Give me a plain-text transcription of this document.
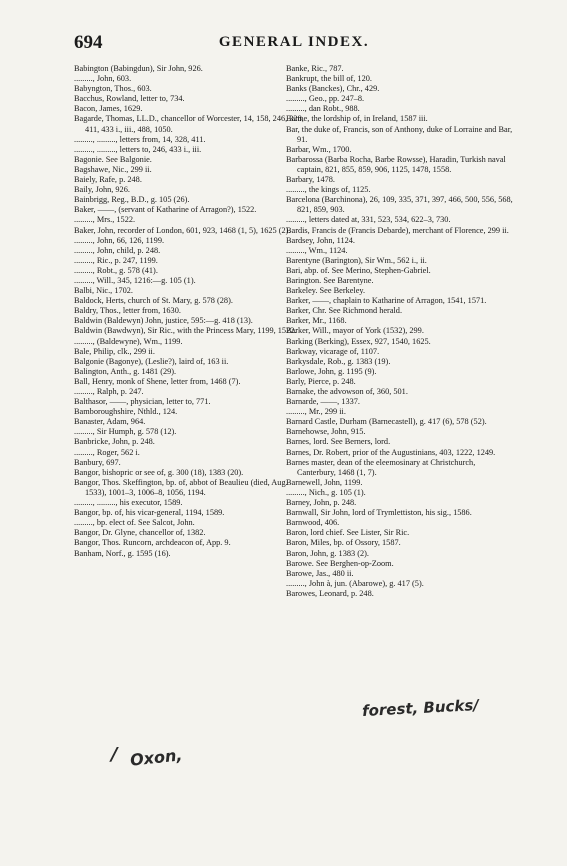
694	GENERAL INDEX.
Babington (Babingdun), Sir John, 926.
........., John, 603.
Babyngton, Thos., 603.
Bacchus, Rowland, letter to, 734.
Bacon, James, 1629.
Bagarde, Thomas, LL.D., chancellor of Worcester, 14, 158, 246, 328, 411, 433 i., iii., 488, 1050.
........., ........., letters from, 14, 328, 411.
........., ........., letters to, 246, 433 i., iii.
Bagonie. See Balgonie.
Bagshawe, Nic., 299 ii.
Baiely, Rafe, p. 248.
Baily, John, 926.
Bainbrigg, Reg., B.D., g. 105 (26).
Baker, ——, (servant of Katharine of Arragon?), 1522.
........., Mrs., 1522.
Baker, John, recorder of London, 601, 923, 1468 (1, 5), 1625 (2).
........., John, 66, 126, 1199.
........., John, child, p. 248.
........., Ric., p. 247, 1199.
........., Robt., g. 578 (41).
........., Will., 345, 1216:—g. 105 (1).
Balbi, Nic., 1702.
Baldock, Herts, church of St. Mary, g. 578 (28).
Baldry, Thos., letter from, 1630.
Baldwin (Baldewyn) John, justice, 595:—g. 418 (13).
Baldwin (Bawdwyn), Sir Ric., with the Princess Mary, 1199, 1522.
........., (Baldewyne), Wm., 1199.
Bale, Philip, clk., 299 ii.
Balgonie (Bagonye), (Leslie?), laird of, 163 ii.
Balington, Anth., g. 1481 (29).
Ball, Henry, monk of Shene, letter from, 1468 (7).
........., Ralph, p. 247.
Balthasor, ——, physician, letter to, 771.
Bamboroughshire, Nthld., 124.
Banaster, Adam, 964.
........., Sir Humph, g. 578 (12).
Banbricke, John, p. 248.
........., Roger, 562 i.
Banbury, 697.
Bangor, bishopric or see of, g. 300 (18), 1383 (20).
Bangor, Thos. Skeffington, bp. of, abbot of Beaulieu (died, Aug. 1533), 1001–3, 1006–8, 1056, 1194.
........., ........., his executor, 1589.
Bangor, bp. of, his vicar-general, 1194, 1589.
........., bp. elect of. See Salcot, John.
Bangor, Dr. Glyne, chancellor of, 1382.
Bangor, Thos. Runcorn, archdeacon of, App. 9.
Banham, Norf., g. 1595 (16).
Banke, Ric., 787.
Bankrupt, the bill of, 120.
Banks (Banckes), Chr., 429.
........., Geo., pp. 247–8.
........., dan Robt., 988.
Banne, the lordship of, in Ireland, 1587 iii.
Bar, the duke of, Francis, son of Anthony, duke of Lorraine and Bar, 91.
Barbar, Wm., 1700.
Barbarossa (Barba Rocha, Barbe Rowsse), Haradin, Turkish naval captain, 821, 855, 859, 906, 1125, 1478, 1558.
Barbary, 1478.
........., the kings of, 1125.
Barcelona (Barchinona), 26, 109, 335, 371, 397, 466, 500, 556, 568, 821, 859, 903.
........., letters dated at, 331, 523, 534, 622–3, 730.
Bardis, Francis de (Francis Debarde), merchant of Florence, 299 ii.
Bardsey, John, 1124.
........., Wm., 1124.
Barentyne (Barington), Sir Wm., 562 i., ii.
Bari, abp. of. See Merino, Stephen-Gabriel.
Barington. See Barentyne.
Barkeley. See Berkeley.
Barker, ——, chaplain to Katharine of Arragon, 1541, 1571.
Barker, Chr. See Richmond herald.
Barker, Mr., 1168.
Barker, Will., mayor of York (1532), 299.
Barking (Berking), Essex, 927, 1540, 1625.
Barkway, vicarage of, 1107.
Barkysdale, Rob., g. 1383 (19).
Barlowe, John, g. 1195 (9).
Barly, Pierce, p. 248.
Barnake, the advowson of, 360, 501.
Barnarde, ——, 1337.
........., Mr., 299 ii.
Barnard Castle, Durham (Barnecastell), g. 417 (6), 578 (52).
Barnehowse, John, 915.
Barnes, lord. See Berners, lord.
Barnes, Dr. Robert, prior of the Augustinians, 403, 1222, 1249.
Barnes master, dean of the eleemosinary at Christchurch, Canterbury, 1468 (1, 7).
Barnewell, John, 1199.
........., Nich., g. 105 (1).
Barney, John, p. 248.
Barnwall, Sir John, lord of Trymlettiston, his sig., 1586.
Barnwood, 406.
Baron, lord chief. See Lister, Sir Ric.
Baron, Miles, bp. of Ossory, 1587.
Baron, John, g. 1383 (2).
Barowe. See Berghen-op-Zoom.
Barowe, Jas., 480 ii.
........., John à, jun. (Abarowe), g. 417 (5).
Barowes, Leonard, p. 248.
/ Oxon,
forest, Bucks/
